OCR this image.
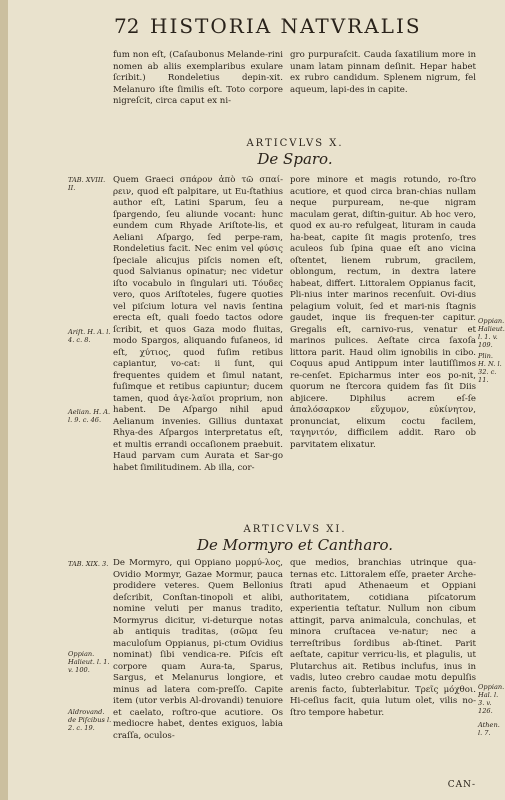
72 HISTORIA NATVRALIS

fum non eſt, (Caſaubonus Melande-rini nomen ab aliis exemplaribus exulare ſcribit.) Rondeletius depin-xit. Melanuro iſte ſimilis eſt. Toto corpore nigreſcit, circa caput ex ni-

gro purpuraſcit. Cauda ſaxatilium more in unam latam pinnam deſinit. Hepar habet ex rubro candidum. Splenem nigrum, fel aqueum, lapi-des in capite.

ARTICVLVS X.
De Sparo.
TAB. XVIII. II.
Ariſt. H. A. l. 4. c. 8.
Aelian. H. A. l. 9. c. 46.
Oppian. Halieut. l. 1. v. 109.
Plin. H. N. l. 32. c. 11.

Quem Graeci σπάρον ἀπὸ τῶ σπαί-ρειν, quod eſt palpitare, ut Eu-ſtathius author eſt, Latini Sparum, ſeu a ſpargendo, ſeu aliunde vocant: hunc eundem cum Rhyade Ariſtote-lis, et Aeliani Aſpargo, ſed perpe-ram, Rondeletius facit. Nec enim vel φύσις ſpeciale alicujus piſcis nomen eſt, quod Salvianus opinatur; nec videtur iſto vocabulo in ſingulari uti. Τόυδες vero, quos Ariſtoteles, fugere quoties vel piſcium lotura vel navis ſentina erecta eſt, quali foedo tactos odore ſcribit, et quos Gaza modo fluitas, modo Spargos, aliquando fuſaneos, id eſt, χύτιος, quod fuſim retibus capiantur, vo-cat: ii ſunt, qui frequentes quidem et ſimul natant, fuſimque et retibus capiuntur; ducem tamen, quod ἀγε-λαῖοι proprium, non habent. De Aſpargo nihil apud Aelianum invenies. Gillius duntaxat Rhya-des Aſpargos interpretatus eſt, et multis errandi occaſionem praebuit. Haud parvam cum Aurata et Sar-go habet ſimilitudinem. Ab illa, cor-

pore minore et magis rotundo, ro-ſtro acutiore, et quod circa bran-chias nullam neque purpuream, ne-que nigram maculam gerat, diſtin-guitur. Ab hoc vero, quod ex au-ro refulgeat, lituram in cauda ha-beat, capite ſit magis protenſo, tres aculeos ſub ſpina quae eſt ano vicina oſtentet, lienem rubrum, gracilem, oblongum, rectum, in dextra latere habeat, differt. Littoralem Oppianus facit, Pli-nius inter marinos recenſuit. Ovi-dius pelagium voluit, ſed et mari-nis ſtagnis gaudet, inque iis frequen-ter capitur. Gregalis eſt, carnivo-rus, venatur et marinos pulices. Aeſtate circa ſaxoſa littora parit. Haud olim ignobilis in cibo. Coquus apud Antippum inter lautiſſimos re-cenſet. Epicharmus inter eos po-nit, quorum ne ſtercora quidem fas ſit Diis abjicere. Diphilus acrem eſ-ſe ἀπαλόσαρκον εὔχυμον, εὐκίνητον, pronunciat, elixum coctu facilem, ταγηνιτόν, difficilem addit. Raro ob parvitatem elixatur.

ARTICVLVS XI.
De Mormyro et Cantharo.
TAB. XIX. 3.
Oppian. Halieut. l. 1. v. 100.
Aldrovand. de Piſcibus l. 2. c. 19.
Oppian. Hal. l. 3. v. 126.
Athen. l. 7.

De Mormyro, qui Oppiano μορμύ-λος, Ovidio Mormyr, Gazae Mormur, pauca prodidere veteres. Quem Bellonius deſcribit, Conſtan-tinopoli et alibi, nomine veluti per manus tradito, Mormyrus dicitur, vi-deturque notas ab antiquis traditas, (σῶμα ſeu maculoſum Oppianus, pi-ctum Ovidius nominat) ſibi vendica-re. Piſcis eſt corpore quam Aura-ta, Sparus, Sargus, et Melanurus longiore, et minus ad latera com-preſſo. Capite item (utor verbis Al-drovandi) tenuiore et caelato, roſtro-que acutiore. Os mediocre habet, dentes exiguos, labia craſſa, oculos-

que medios, branchias utrinque qua-ternas etc. Littoralem eſſe, praeter Arche-ſtrati apud Athenaeum et Oppiani authoritatem, cotidiana piſcatorum experientia teſtatur. Nullum non cibum attingit, parva animalcula, conchulas, et minora cruſtacea ve-natur; nec a terreſtribus ſordibus ab-ſtinet. Parit aeſtate, capitur verricu-lis, et plagulis, ut Plutarchus ait. Retibus inclufus, inus in vadis, luteo crebro caudae motu depulſis arenis facto, ſubterlabitur. Τρεῖς μόχθοι. Hi-ceſius facit, quia lutum olet, vilis no-ſtro tempore habetur.

CAN-
